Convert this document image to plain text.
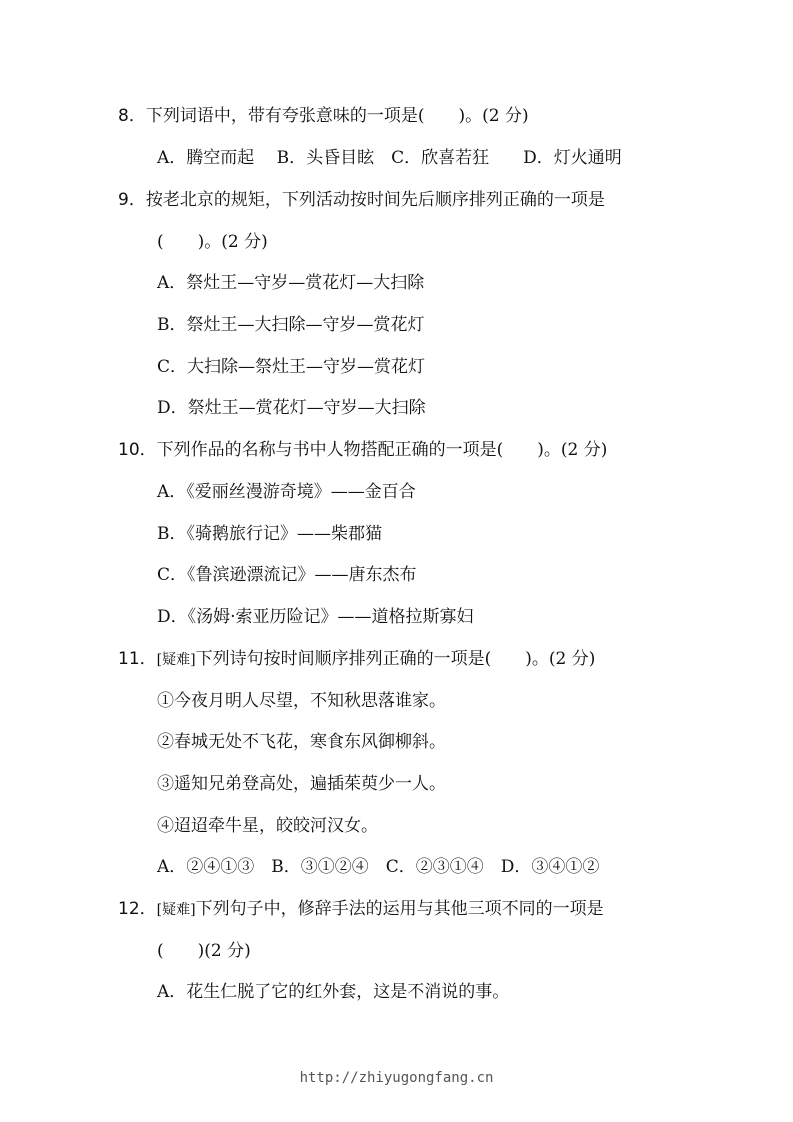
8．下列词语中，带有夸张意味的一项是(　　)。(2 分)
A．腾空而起　 B．头昏目眩　C．欣喜若狂　　D．灯火通明
9．按老北京的规矩，下列活动按时间先后顺序排列正确的一项是
(　　)。(2 分)
A．祭灶王—守岁—赏花灯—大扫除
B．祭灶王—大扫除—守岁—赏花灯
C．大扫除—祭灶王—守岁—赏花灯
D．祭灶王—赏花灯—守岁—大扫除
10．下列作品的名称与书中人物搭配正确的一项是(　　)。(2 分)
A．《爱丽丝漫游奇境》——金百合
B．《骑鹅旅行记》——柴郡猫
C．《鲁滨逊漂流记》——唐东杰布
D．《汤姆·索亚历险记》——道格拉斯寡妇
11．[疑难]下列诗句按时间顺序排列正确的一项是(　　)。(2 分)
①今夜月明人尽望，不知秋思落谁家。
②春城无处不飞花，寒食东风御柳斜。
③遥知兄弟登高处，遍插茱萸少一人。
④迢迢牵牛星，皎皎河汉女。
A．②④①③　B．③①②④　C．②③①④　D．③④①②
12．[疑难]下列句子中，修辞手法的运用与其他三项不同的一项是
(　　)(2 分)
A．花生仁脱了它的红外套，这是不消说的事。
http://zhiyugongfang.cn
